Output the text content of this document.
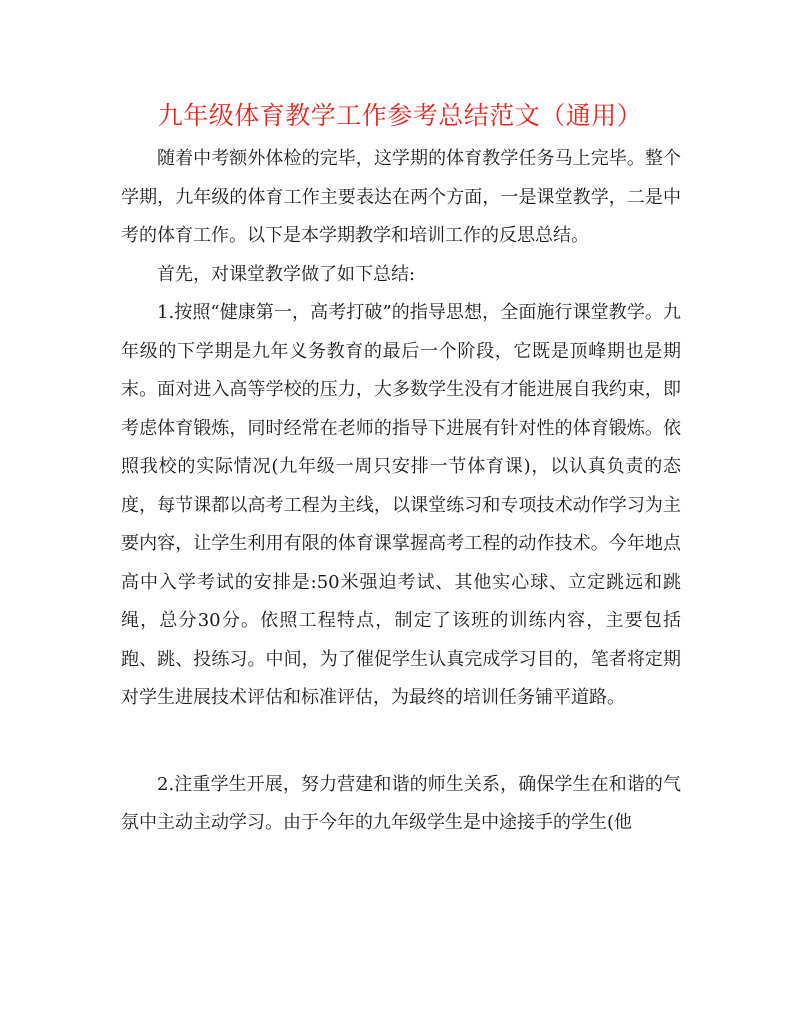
九年级体育教学工作参考总结范文（通用）

随着中考额外体检的完毕，这学期的体育教学任务马上完毕。整个学期，九年级的体育工作主要表达在两个方面，一是课堂教学，二是中考的体育工作。以下是本学期教学和培训工作的反思总结。

首先，对课堂教学做了如下总结:

1.按照“健康第一，高考打破”的指导思想，全面施行课堂教学。九年级的下学期是九年义务教育的最后一个阶段，它既是顶峰期也是期末。面对进入高等学校的压力，大多数学生没有才能进展自我约束，即考虑体育锻炼，同时经常在老师的指导下进展有针对性的体育锻炼。依照我校的实际情况(九年级一周只安排一节体育课)，以认真负责的态度，每节课都以高考工程为主线，以课堂练习和专项技术动作学习为主要内容，让学生利用有限的体育课掌握高考工程的动作技术。今年地点高中入学考试的安排是:50米强迫考试、其他实心球、立定跳远和跳绳，总分30分。依照工程特点，制定了该班的训练内容，主要包括跑、跳、投练习。中间，为了催促学生认真完成学习目的，笔者将定期对学生进展技术评估和标准评估，为最终的培训任务铺平道路。

2.注重学生开展，努力营建和谐的师生关系，确保学生在和谐的气氛中主动主动学习。由于今年的九年级学生是中途接手的学生(他
